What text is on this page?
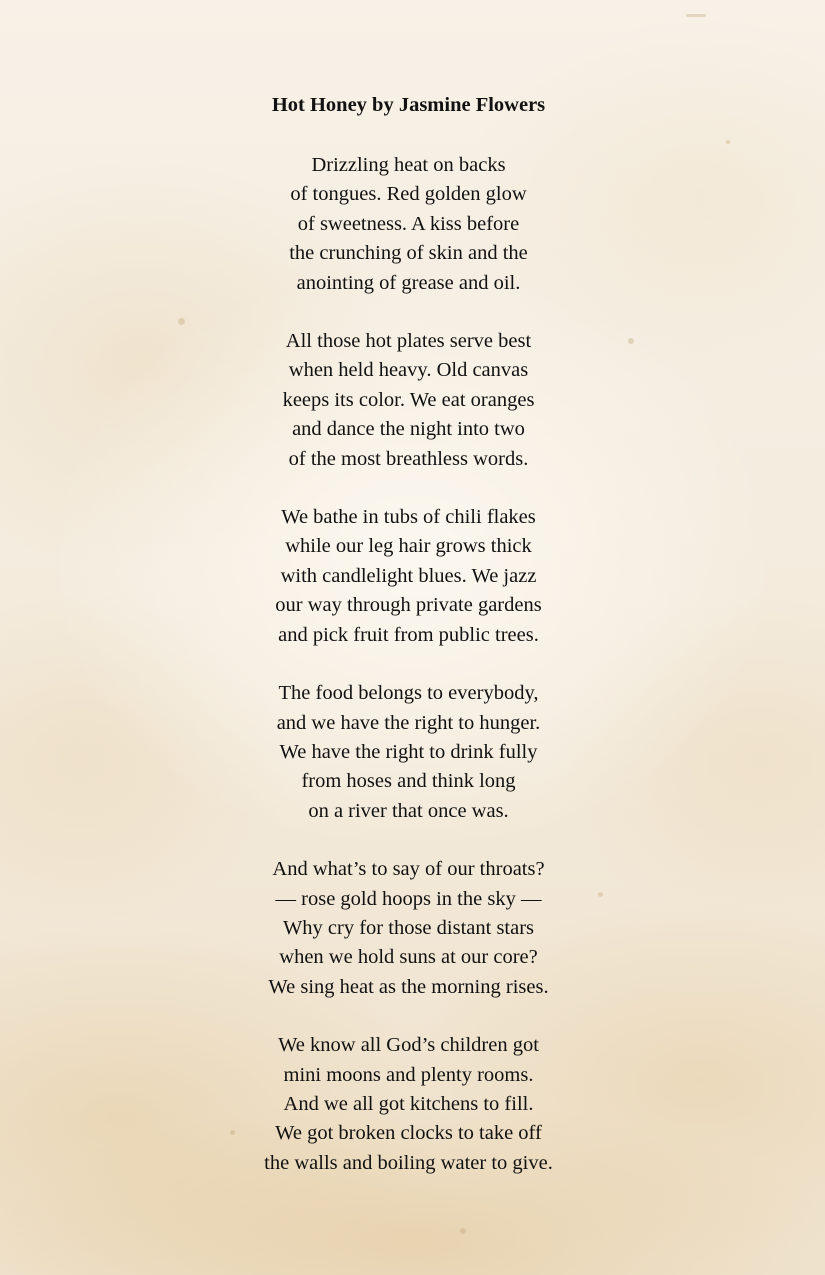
Hot Honey by Jasmine Flowers
Drizzling heat on backs
of tongues. Red golden glow
of sweetness. A kiss before
the crunching of skin and the
anointing of grease and oil.
All those hot plates serve best
when held heavy. Old canvas
keeps its color. We eat oranges
and dance the night into two
of the most breathless words.
We bathe in tubs of chili flakes
while our leg hair grows thick
with candlelight blues. We jazz
our way through private gardens
and pick fruit from public trees.
The food belongs to everybody,
and we have the right to hunger.
We have the right to drink fully
from hoses and think long
on a river that once was.
And what’s to say of our throats?
— rose gold hoops in the sky —
Why cry for those distant stars
when we hold suns at our core?
We sing heat as the morning rises.
We know all God’s children got
mini moons and plenty rooms.
And we all got kitchens to fill.
We got broken clocks to take off
the walls and boiling water to give.
